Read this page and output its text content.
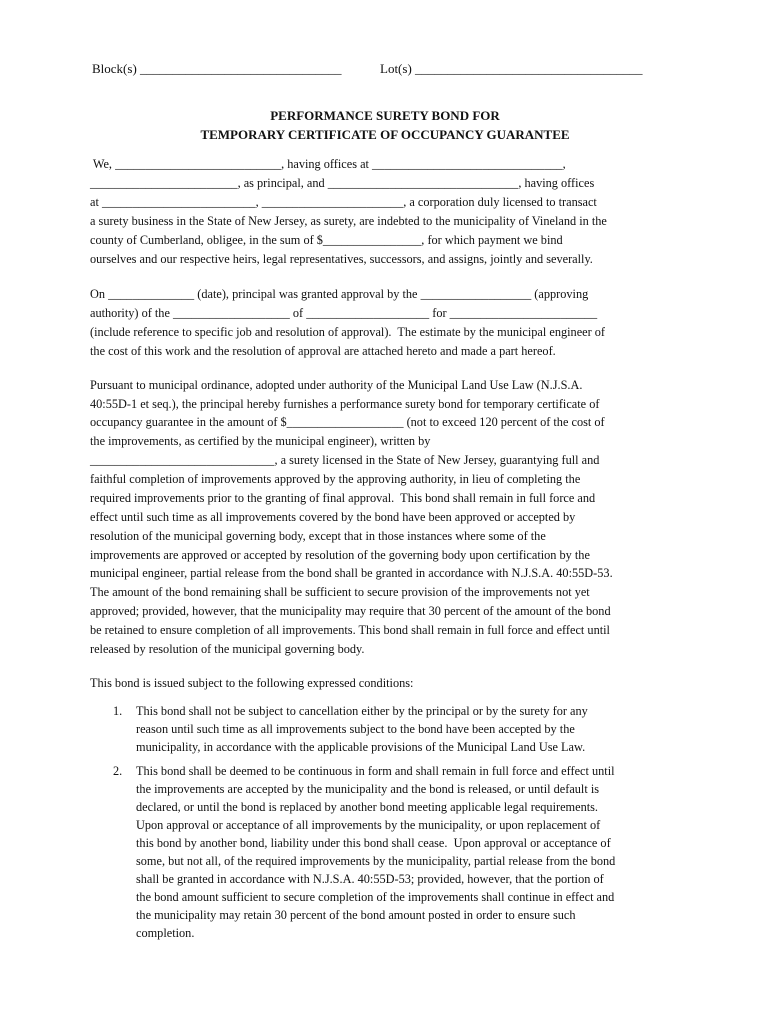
Block(s) _______________________________	Lot(s) ___________________________________
PERFORMANCE SURETY BOND FOR
TEMPORARY CERTIFICATE OF OCCUPANCY GUARANTEE
We, ___________________________, having offices at _______________________________,
________________________, as principal, and _______________________________, having offices
at _________________________, _______________________, a corporation duly licensed to transact
a surety business in the State of New Jersey, as surety, are indebted to the municipality of Vineland in the
county of Cumberland, obligee, in the sum of $________________, for which payment we bind
ourselves and our respective heirs, legal representatives, successors, and assigns, jointly and severally.
On ______________ (date), principal was granted approval by the __________________ (approving
authority) of the ___________________ of ____________________ for ________________________
(include reference to specific job and resolution of approval).  The estimate by the municipal engineer of
the cost of this work and the resolution of approval are attached hereto and made a part hereof.
Pursuant to municipal ordinance, adopted under authority of the Municipal Land Use Law (N.J.S.A.
40:55D-1 et seq.), the principal hereby furnishes a performance surety bond for temporary certificate of
occupancy guarantee in the amount of $___________________ (not to exceed 120 percent of the cost of
the improvements, as certified by the municipal engineer), written by
______________________________, a surety licensed in the State of New Jersey, guarantying full and
faithful completion of improvements approved by the approving authority, in lieu of completing the
required improvements prior to the granting of final approval.  This bond shall remain in full force and
effect until such time as all improvements covered by the bond have been approved or accepted by
resolution of the municipal governing body, except that in those instances where some of the
improvements are approved or accepted by resolution of the governing body upon certification by the
municipal engineer, partial release from the bond shall be granted in accordance with N.J.S.A. 40:55D-53.
The amount of the bond remaining shall be sufficient to secure provision of the improvements not yet
approved; provided, however, that the municipality may require that 30 percent of the amount of the bond
be retained to ensure completion of all improvements. This bond shall remain in full force and effect until
released by resolution of the municipal governing body.
This bond is issued subject to the following expressed conditions:
1. This bond shall not be subject to cancellation either by the principal or by the surety for any
reason until such time as all improvements subject to the bond have been accepted by the
municipality, in accordance with the applicable provisions of the Municipal Land Use Law.
2. This bond shall be deemed to be continuous in form and shall remain in full force and effect until
the improvements are accepted by the municipality and the bond is released, or until default is
declared, or until the bond is replaced by another bond meeting applicable legal requirements.
Upon approval or acceptance of all improvements by the municipality, or upon replacement of
this bond by another bond, liability under this bond shall cease.  Upon approval or acceptance of
some, but not all, of the required improvements by the municipality, partial release from the bond
shall be granted in accordance with N.J.S.A. 40:55D-53; provided, however, that the portion of
the bond amount sufficient to secure completion of the improvements shall continue in effect and
the municipality may retain 30 percent of the bond amount posted in order to ensure such
completion.
